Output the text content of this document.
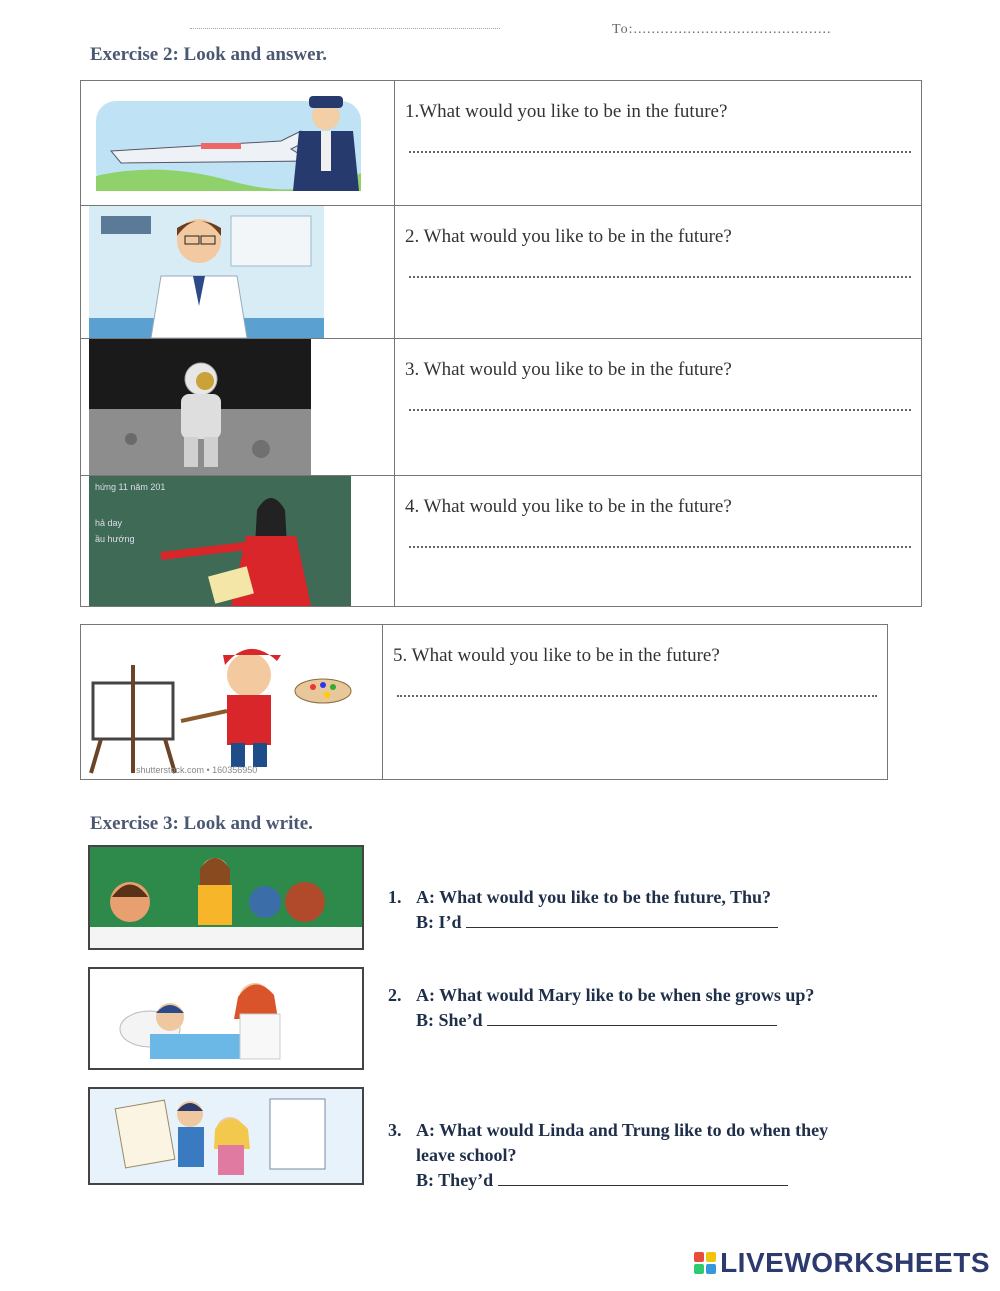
To:............................................
Exercise 2: Look and answer.

1.What would you like to be in the future?

2. What would you like to be in the future?

3. What would you like to be in the future?

hứng 11 năm 201
hả day
ầu hướng	4. What would you like to be in the future?
shutterstock.com • 160356950

5. What would you like to be in the future?
Exercise 3: Look and write.
1. A: What would you like to be the future, Thu?
B: I’d
2. A: What would Mary like to be when she grows up?
B: She’d
3. A: What would Linda and Trung like to do when they
leave school?
B: They’d
LIVEWORKSHEETS
